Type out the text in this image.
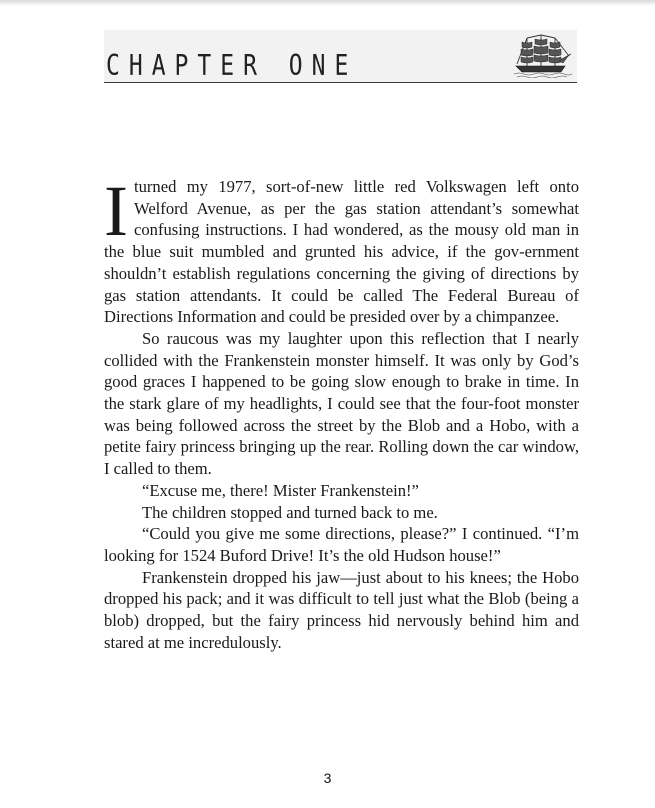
CHAPTER ONE

I turned my 1977, sort-of-new little red Volkswagen left onto Welford Avenue, as per the gas station attendant’s somewhat confusing instructions. I had wondered, as the mousy old man in the blue suit mumbled and grunted his advice, if the gov-ernment shouldn’t establish regulations concerning the giving of directions by gas station attendants. It could be called The Federal Bureau of Directions Information and could be presided over by a chimpanzee.

So raucous was my laughter upon this reflection that I nearly collided with the Frankenstein monster himself. It was only by God’s good graces I happened to be going slow enough to brake in time. In the stark glare of my headlights, I could see that the four-foot monster was being followed across the street by the Blob and a Hobo, with a petite fairy princess bringing up the rear. Rolling down the car window, I called to them.

“Excuse me, there! Mister Frankenstein!”

The children stopped and turned back to me.

“Could you give me some directions, please?” I continued. “I’m looking for 1524 Buford Drive! It’s the old Hudson house!”

Frankenstein dropped his jaw—just about to his knees; the Hobo dropped his pack; and it was difficult to tell just what the Blob (being a blob) dropped, but the fairy princess hid nervously behind him and stared at me incredulously.

3
